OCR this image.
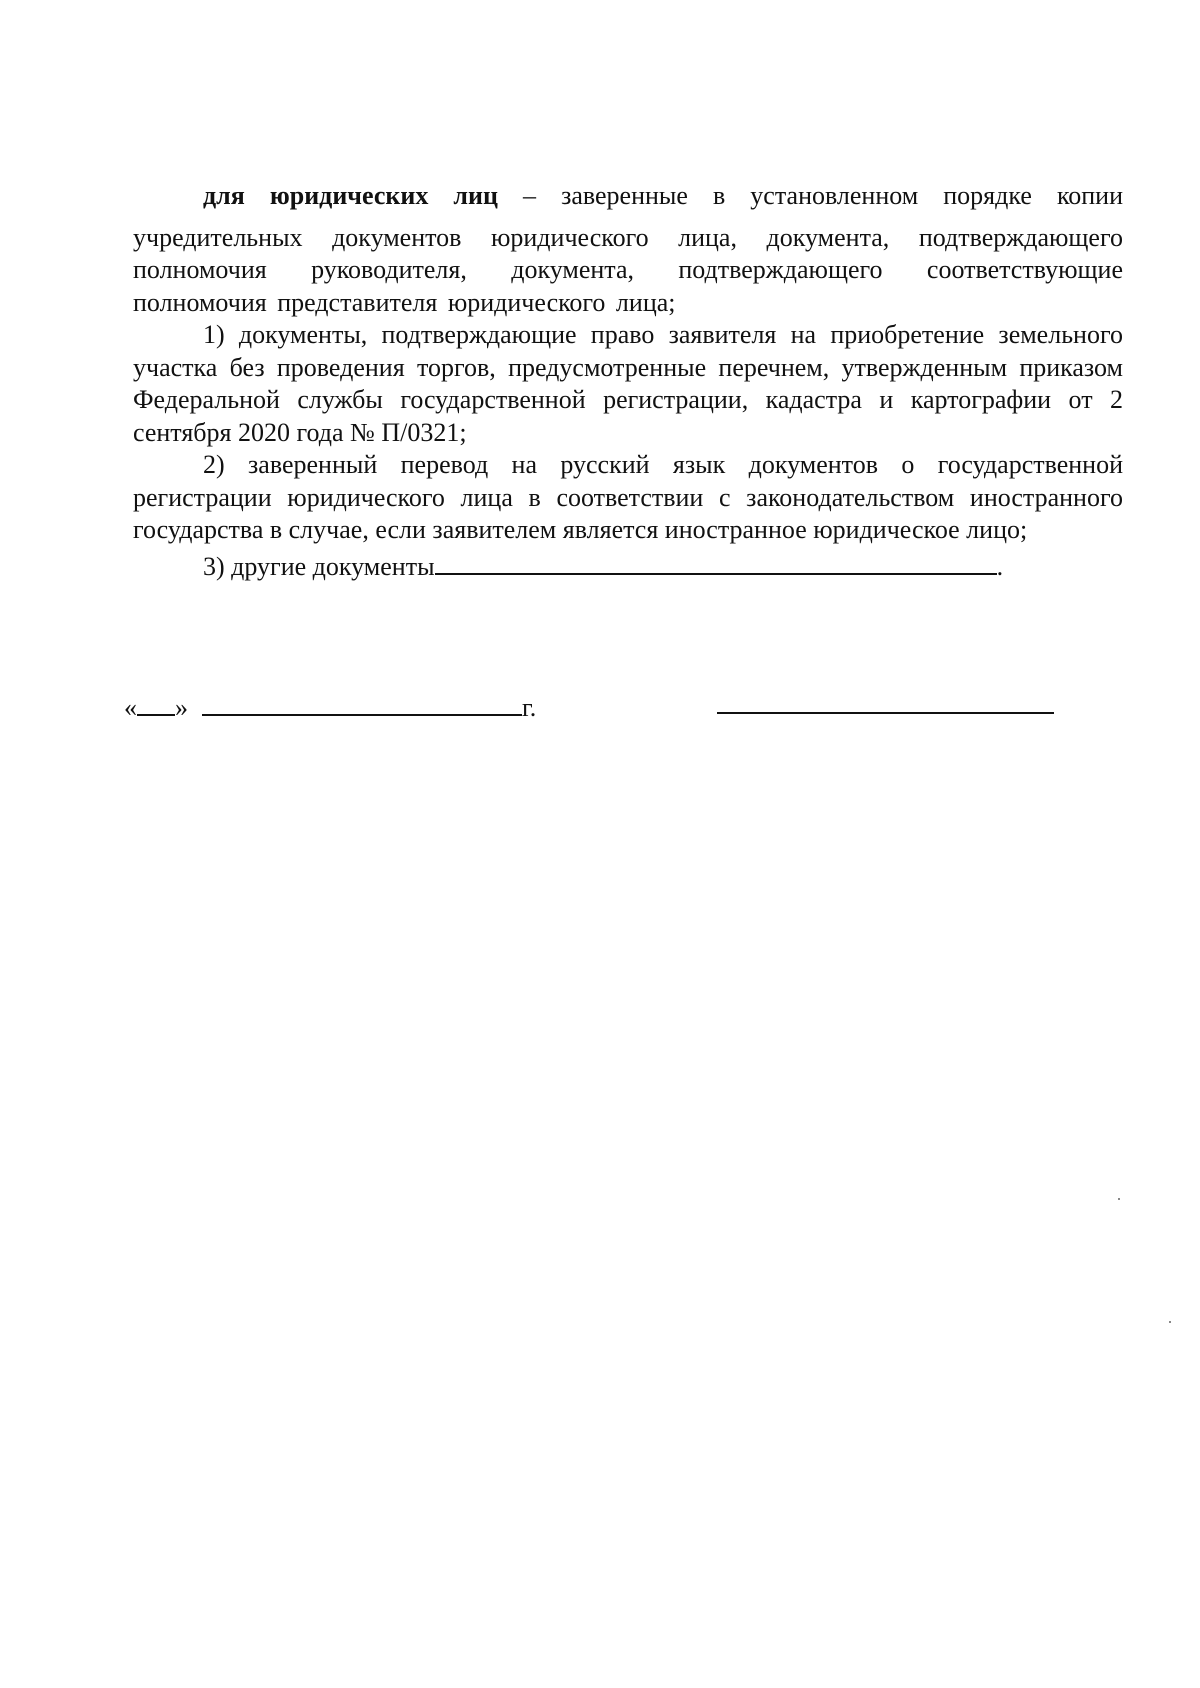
для юридических лиц – заверенные в установленном порядке копии
учредительных документов юридического лица, документа, подтверждающего полномочия руководителя, документа, подтверждающего соответствующие полномочия представителя юридического лица;

1) документы, подтверждающие право заявителя на приобретение земельного участка без проведения торгов, предусмотренные перечнем, утвержденным приказом Федеральной службы государственной регистрации, кадастра и картографии от 2 сентября 2020 года № П/0321;

2) заверенный перевод на русский язык документов о государственной регистрации юридического лица в соответствии с законодательством иностранного государства в случае, если заявителем является иностранное юридическое лицо;

3) другие документы	.
« »	г.
